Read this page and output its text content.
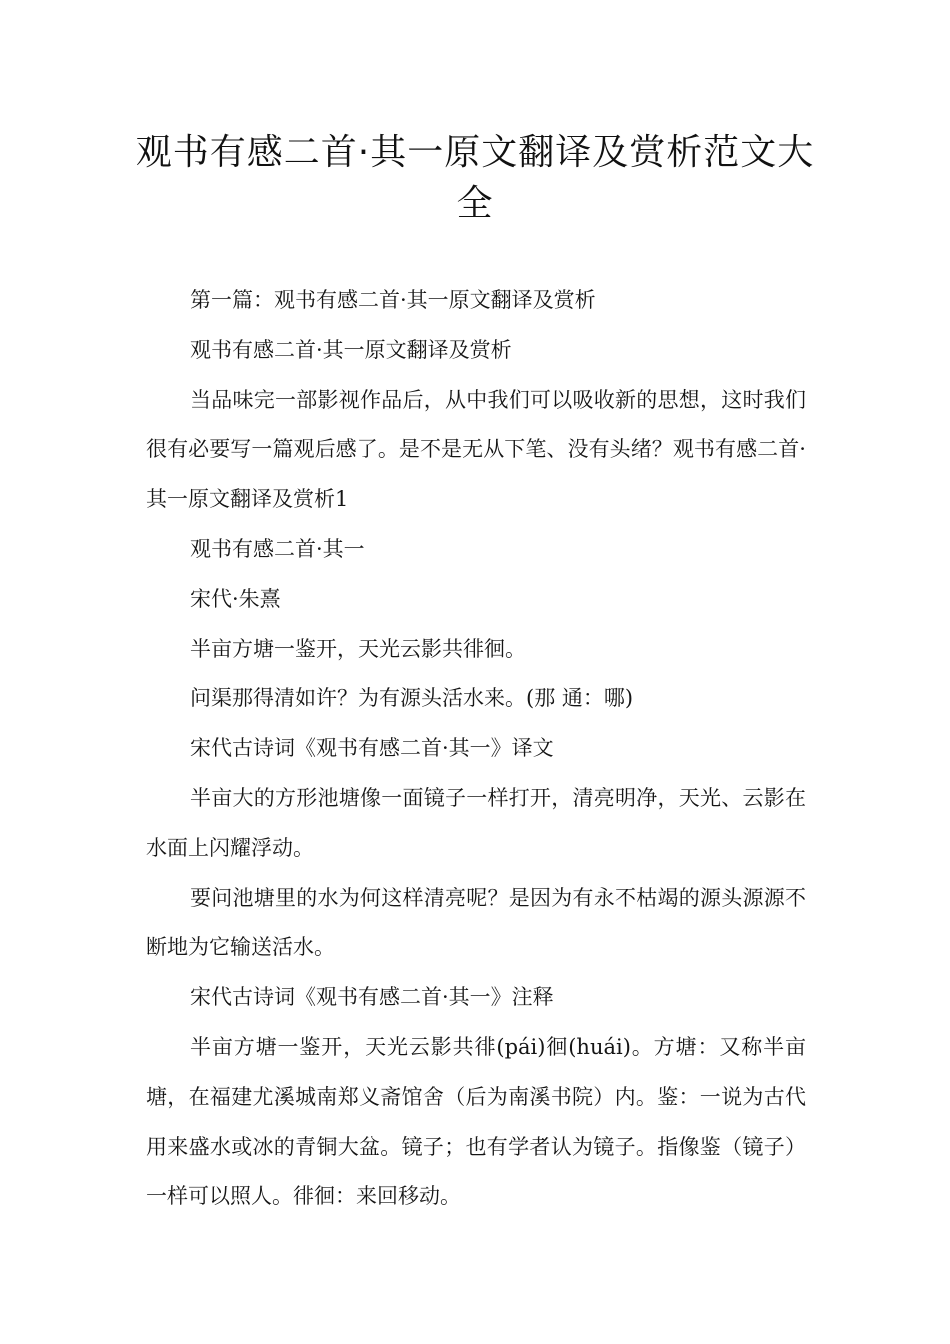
观书有感二首·其一原文翻译及赏析范文大全

第一篇：观书有感二首·其一原文翻译及赏析

观书有感二首·其一原文翻译及赏析

当品味完一部影视作品后，从中我们可以吸收新的思想，这时我们很有必要写一篇观后感了。是不是无从下笔、没有头绪？观书有感二首·其一原文翻译及赏析1

观书有感二首·其一

宋代·朱熹

半亩方塘一鉴开，天光云影共徘徊。

问渠那得清如许？为有源头活水来。(那 通：哪)

宋代古诗词《观书有感二首·其一》译文

半亩大的方形池塘像一面镜子一样打开，清亮明净，天光、云影在水面上闪耀浮动。

要问池塘里的水为何这样清亮呢？是因为有永不枯竭的源头源源不断地为它输送活水。

宋代古诗词《观书有感二首·其一》注释

半亩方塘一鉴开，天光云影共徘(pái)徊(huái)。方塘：又称半亩塘，在福建尤溪城南郑义斋馆舍（后为南溪书院）内。鉴：一说为古代用来盛水或冰的青铜大盆。镜子；也有学者认为镜子。指像鉴（镜子）一样可以照人。徘徊：来回移动。
